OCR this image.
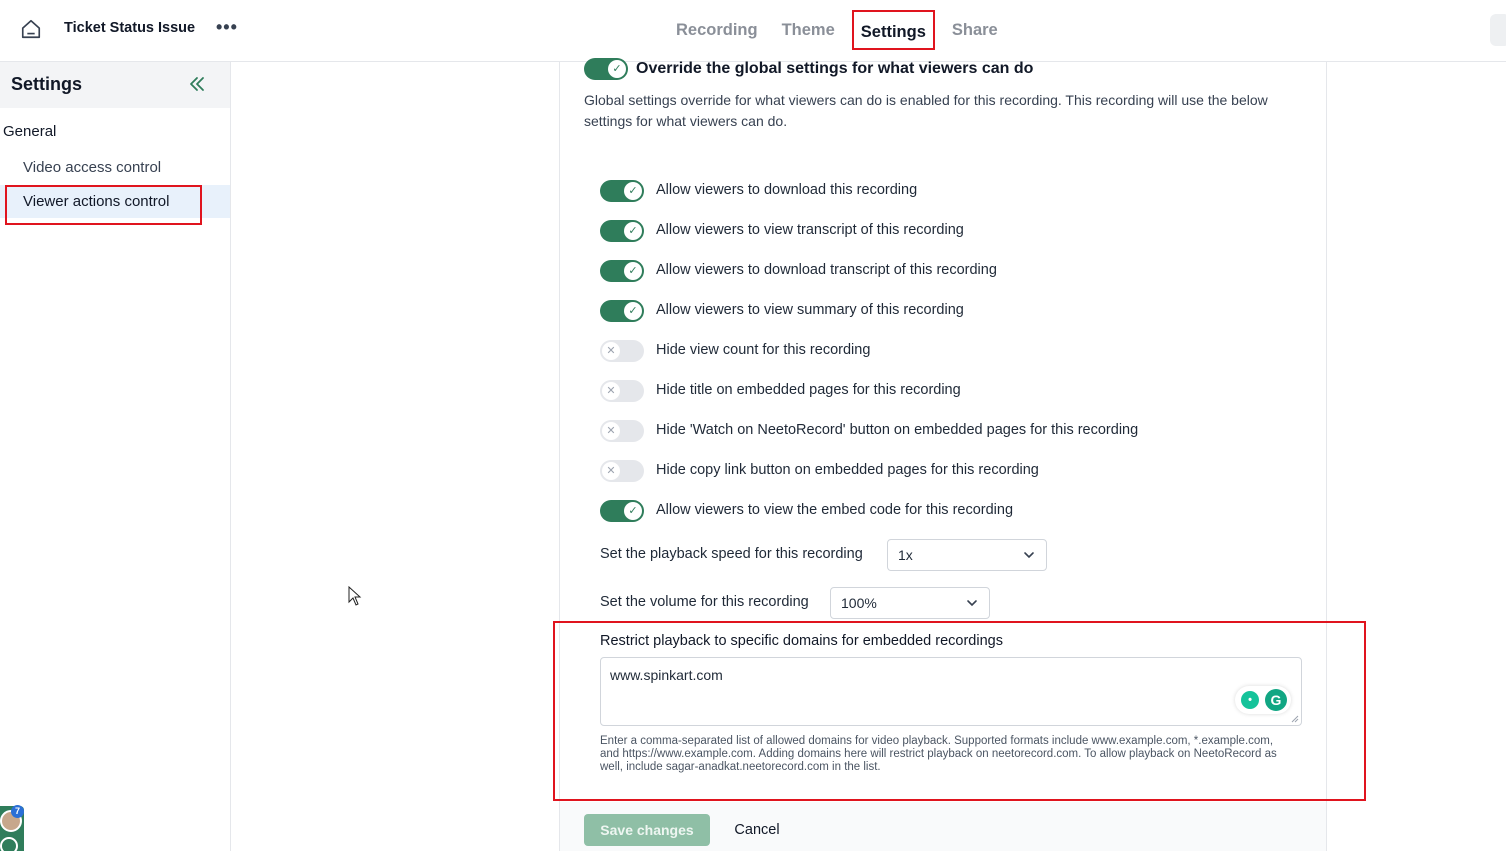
Ticket Status Issue •••	Recording	Theme	Settings	Share
Settings
General
Video access control
Viewer actions control
7
✓ Override the global settings for what viewers can do

Global settings override for what viewers can do is enabled for this recording. This recording will use the below settings for what viewers can do.

✓	Allow viewers to download this recording
✓	Allow viewers to view transcript of this recording
✓	Allow viewers to download transcript of this recording
✓	Allow viewers to view summary of this recording
✕	Hide view count for this recording
✕	Hide title on embedded pages for this recording
✕	Hide 'Watch on NeetoRecord' button on embedded pages for this recording
✕	Hide copy link button on embedded pages for this recording
✓	Allow viewers to view the embed code for this recording
Set the playback speed for this recording	1x
Set the volume for this recording 100%
Restrict playback to specific domains for embedded recordings
www.spinkart.com
•	G

Enter a comma-separated list of allowed domains for video playback. Supported formats include www.example.com, *.example.com, and https://www.example.com. Adding domains here will restrict playback on neetorecord.com. To allow playback on NeetoRecord as well, include sagar-anadkat.neetorecord.com in the list.

Save changes	Cancel
